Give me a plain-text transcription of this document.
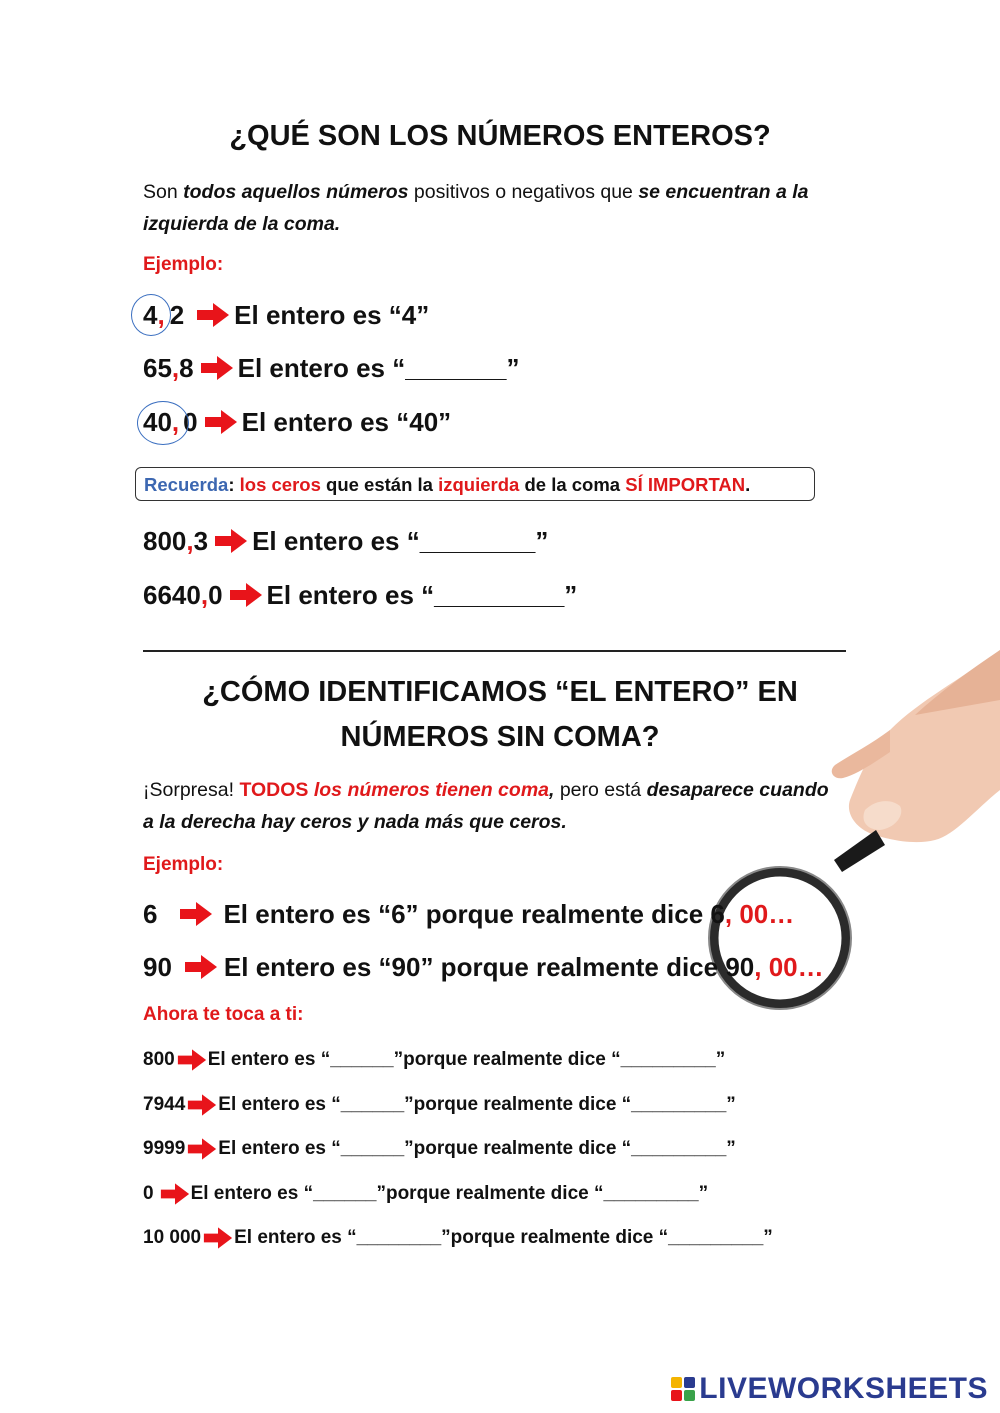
¿QUÉ SON LOS NÚMEROS ENTEROS?
Son todos aquellos números positivos o negativos que se encuentran a la izquierda de la coma.
Ejemplo:
4 , 2 El entero es “4”
65 , 8 El entero es “_______”
40 , 0 El entero es “40”
Recuerda: los ceros que están la izquierda de la coma SÍ IMPORTAN.
800 , 3 El entero es “________”
6640 , 0 El entero es “_________”
¿CÓMO IDENTIFICAMOS “EL ENTERO” EN
NÚMEROS SIN COMA?
¡Sorpresa! TODOS los números tienen coma, pero está desaparece cuando a la derecha hay ceros y nada más que ceros.
Ejemplo:
6	El entero es “6” porque realmente dice 6 , 00…
90 El entero es “90” porque realmente dice 90 , 00…
Ahora te toca a ti:
800 El entero es “______”porque realmente dice “_________”
7944 El entero es “______”porque realmente dice “_________”
9999 El entero es “______”porque realmente dice “_________”
0 El entero es “______”porque realmente dice “_________”
10 000 El entero es “________”porque realmente dice “_________”
LIVEWORKSHEETS
